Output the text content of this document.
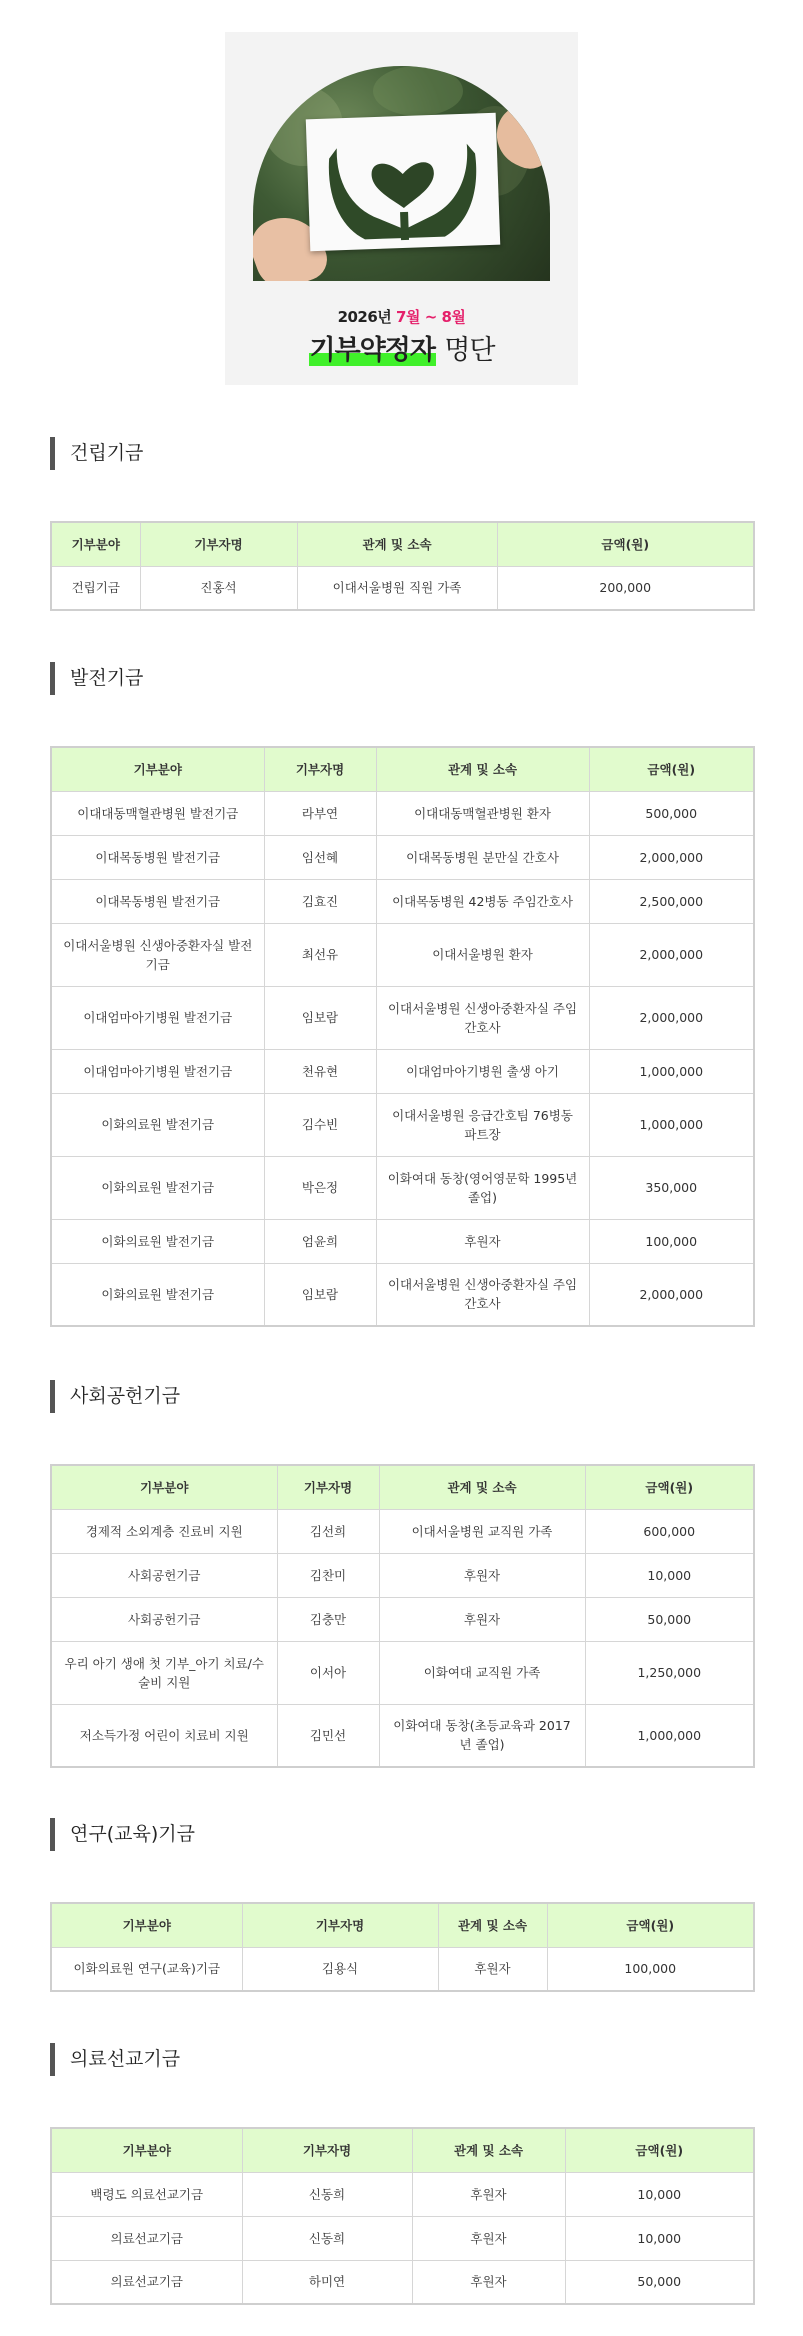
2026년 7월 ~ 8월
기부약정자 명단
건립기금
기부분야	기부자명	관계 및 소속	금액(원)
건립기금	진홍석	이대서울병원 직원 가족	200,000
발전기금
기부분야	기부자명	관계 및 소속	금액(원)
이대대동맥혈관병원 발전기금	라부연	이대대동맥혈관병원 환자	500,000
이대목동병원 발전기금	임선혜	이대목동병원 분만실 간호사	2,000,000
이대목동병원 발전기금	김효진	이대목동병원 42병동 주임간호사	2,500,000
이대서울병원 신생아중환자실 발전기금	최선유	이대서울병원 환자	2,000,000
이대엄마아기병원 발전기금	임보람	이대서울병원 신생아중환자실 주임간호사	2,000,000
이대엄마아기병원 발전기금	천유현	이대엄마아기병원 출생 아기	1,000,000
이화의료원 발전기금	김수빈	이대서울병원 응급간호팀 76병동 파트장	1,000,000
이화의료원 발전기금	박은정	이화여대 동창(영어영문학 1995년 졸업)	350,000
이화의료원 발전기금	엄윤희	후원자	100,000
이화의료원 발전기금	임보람	이대서울병원 신생아중환자실 주임간호사	2,000,000
사회공헌기금
기부분야	기부자명	관계 및 소속	금액(원)
경제적 소외계층 진료비 지원	김선희	이대서울병원 교직원 가족	600,000
사회공헌기금	김찬미	후원자	10,000
사회공헌기금	김충만	후원자	50,000
우리 아기 생애 첫 기부_아기 치료/수술비 지원	이서아	이화여대 교직원 가족	1,250,000
저소득가정 어린이 치료비 지원	김민선	이화여대 동창(초등교육과 2017년 졸업)	1,000,000
연구(교육)기금
기부분야	기부자명	관계 및 소속	금액(원)
이화의료원 연구(교육)기금	김용식	후원자	100,000
의료선교기금
기부분야	기부자명	관계 및 소속	금액(원)
백령도 의료선교기금	신동희	후원자	10,000
의료선교기금	신동희	후원자	10,000
의료선교기금	하미연	후원자	50,000
